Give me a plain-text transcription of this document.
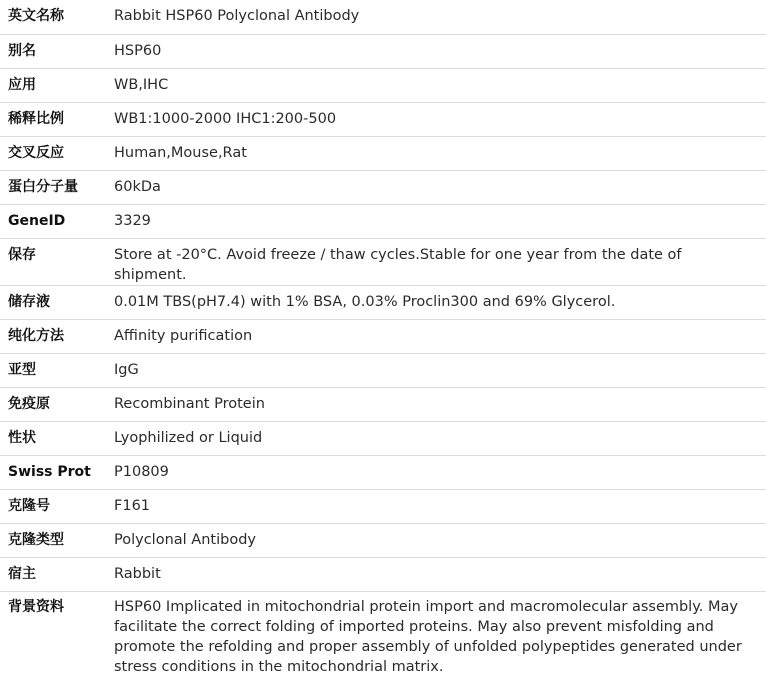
英文名称	Rabbit HSP60 Polyclonal Antibody
别名	HSP60
应用	WB,IHC
稀释比例	WB1:1000-2000 IHC1:200-500
交叉反应	Human,Mouse,Rat
蛋白分子量	60kDa
GeneID	3329
保存	Store at -20°C. Avoid freeze / thaw cycles.Stable for one year from the date of shipment.
储存液	0.01M TBS(pH7.4) with 1% BSA, 0.03% Proclin300 and 69% Glycerol.
纯化方法	Affinity purification
亚型	IgG
免疫原	Recombinant Protein
性状	Lyophilized or Liquid
Swiss Prot	P10809
克隆号	F161
克隆类型	Polyclonal Antibody
宿主	Rabbit
背景资料	HSP60 Implicated in mitochondrial protein import and macromolecular assembly. May facilitate the correct folding of imported proteins. May also prevent misfolding and promote the refolding and proper assembly of unfolded polypeptides generated under stress conditions in the mitochondrial matrix.
